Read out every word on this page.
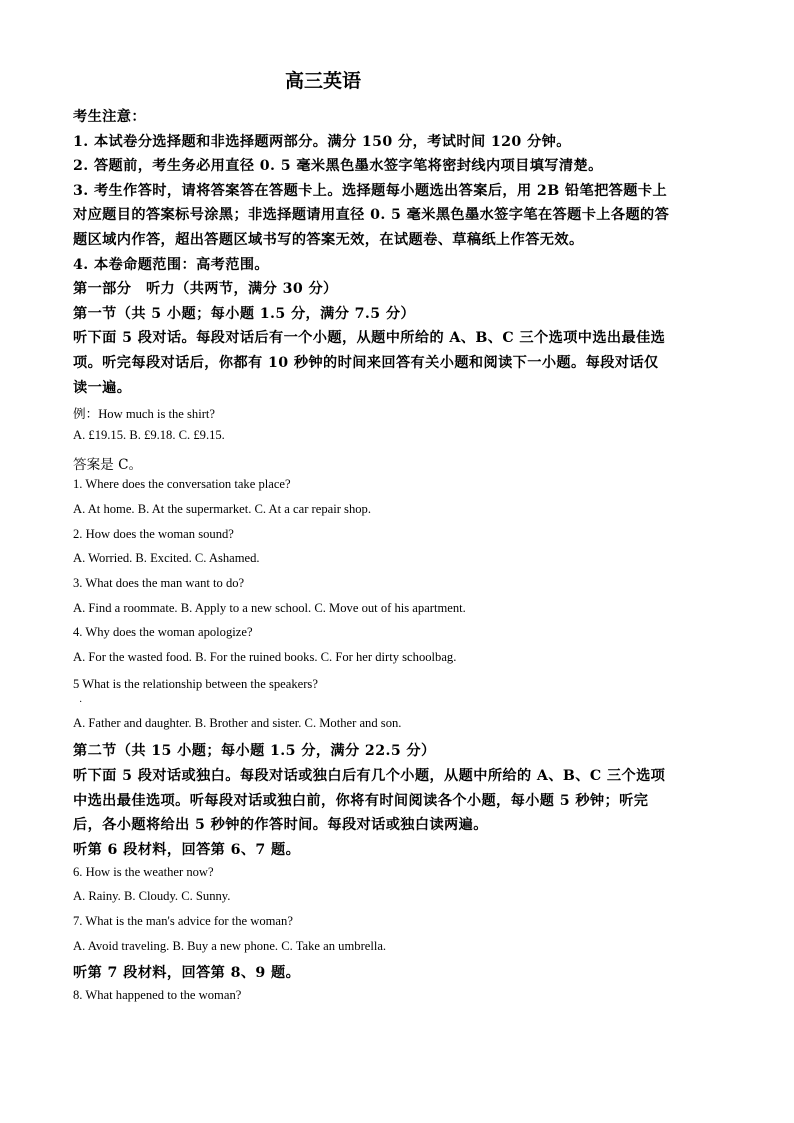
高三英语
考生注意：
1. 本试卷分选择题和非选择题两部分。满分 150 分，考试时间 120 分钟。
2. 答题前，考生务必用直径 0. 5 毫米黑色墨水签字笔将密封线内项目填写清楚。
3. 考生作答时，请将答案答在答题卡上。选择题每小题选出答案后，用 2B 铅笔把答题卡上
对应题目的答案标号涂黑；非选择题请用直径 0. 5 毫米黑色墨水签字笔在答题卡上各题的答
题区域内作答，超出答题区域书写的答案无效，在试题卷、草稿纸上作答无效。
4. 本卷命题范围：高考范围。
第一部分　听力（共两节，满分 30 分）
第一节（共 5 小题；每小题 1.5 分，满分 7.5 分）
听下面 5 段对话。每段对话后有一个小题，从题中所给的 A、B、C 三个选项中选出最佳选
项。听完每段对话后，你都有 10 秒钟的时间来回答有关小题和阅读下一小题。每段对话仅
读一遍。
例：How much is the shirt?
A. £19.15. B. £9.18. C. £9.15.
答案是 C。
1. Where does the conversation take place?
A. At home. B. At the supermarket. C. At a car repair shop.
2. How does the woman sound?
A. Worried. B. Excited. C. Ashamed.
3. What does the man want to do?
A. Find a roommate. B. Apply to a new school. C. Move out of his apartment.
4. Why does the woman apologize?
A. For the wasted food. B. For the ruined books. C. For her dirty schoolbag.
5 What is the relationship between the speakers?
·
A. Father and daughter. B. Brother and sister. C. Mother and son.
第二节（共 15 小题；每小题 1.5 分，满分 22.5 分）
听下面 5 段对话或独白。每段对话或独白后有几个小题，从题中所给的 A、B、C 三个选项
中选出最佳选项。听每段对话或独白前，你将有时间阅读各个小题，每小题 5 秒钟；听完
后，各小题将给出 5 秒钟的作答时间。每段对话或独白读两遍。
听第 6 段材料，回答第 6、7 题。
6. How is the weather now?
A. Rainy. B. Cloudy. C. Sunny.
7. What is the man's advice for the woman?
A. Avoid traveling. B. Buy a new phone. C. Take an umbrella.
听第 7 段材料，回答第 8、9 题。
8. What happened to the woman?
